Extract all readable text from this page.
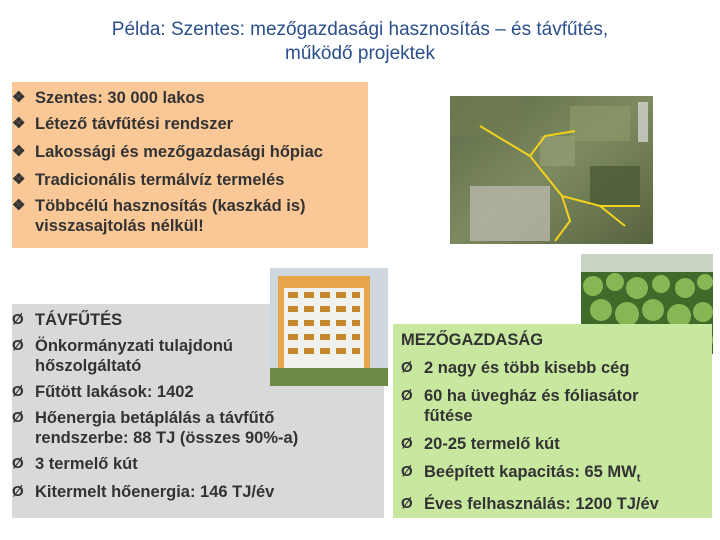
Példa: Szentes: mezőgazdasági hasznosítás – és távfűtés,
működő projektek
❖ Szentes: 30 000 lakos
❖ Létező távfűtési rendszer
❖ Lakossági és mezőgazdasági hőpiac
❖ Tradicionális termálvíz termelés
❖ Többcélú hasznosítás (kaszkád is) visszasajtolás nélkül!
Ø TÁVFŰTÉS
Ø Önkormányzati tulajdonú hőszolgáltató
Ø Fűtött lakások: 1402
Ø Hőenergia betáplálás a távfűtő rendszerbe: 88 TJ (összes 90%-a)
Ø 3 termelő kút
Ø Kitermelt hőenergia: 146 TJ/év
MEZŐGAZDASÁG
Ø 2 nagy és több kisebb cég
Ø 60 ha üvegház és fóliasátor fűtése
Ø 20-25 termelő kút
Ø Beépített kapacitás: 65 $MW_t$
Ø Éves felhasználás: 1200 TJ/év
